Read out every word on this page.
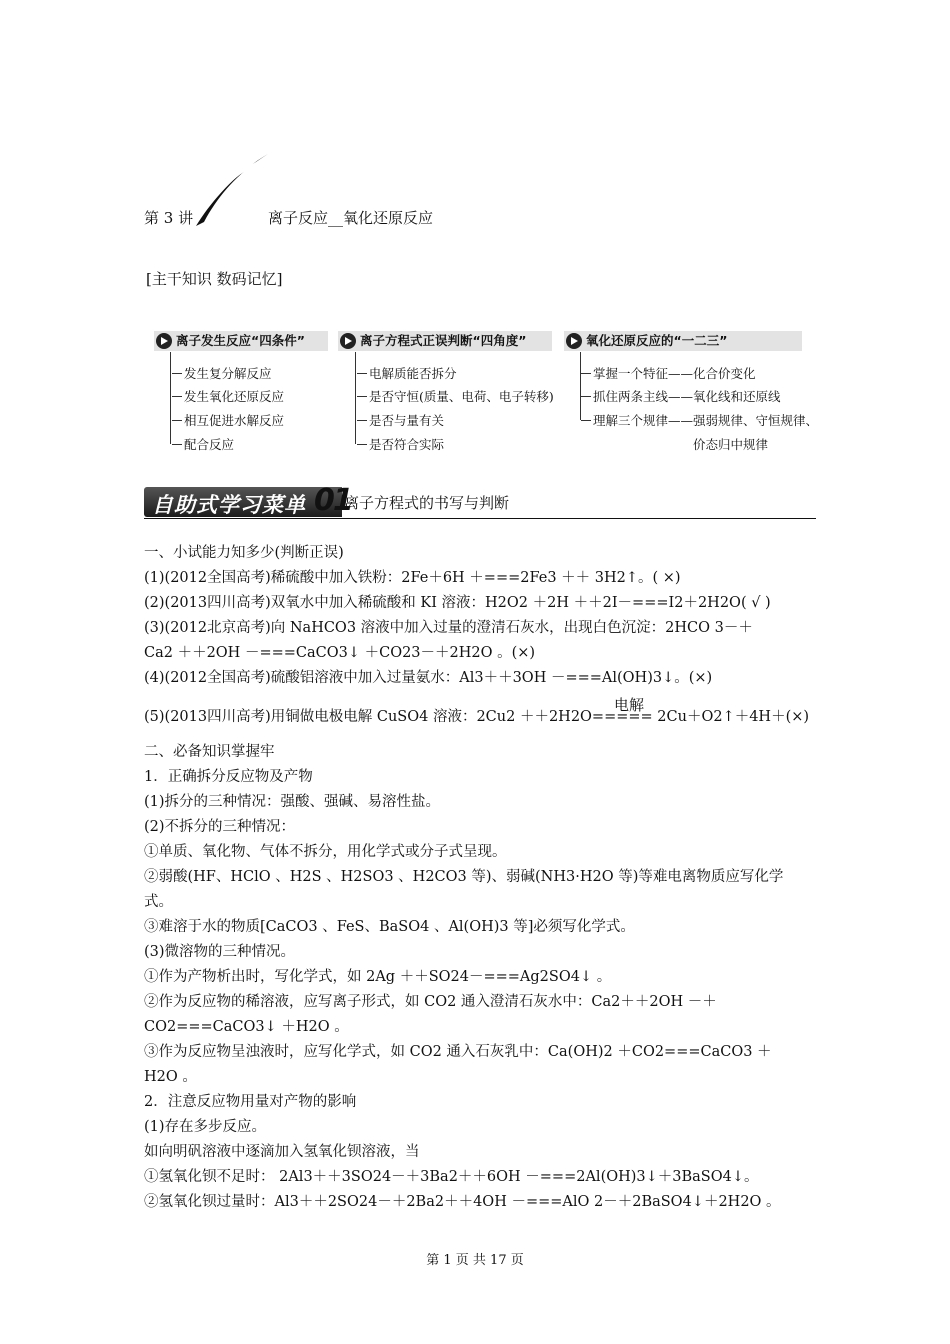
第 3 讲	离子反应__氧化还原反应
[主干知识 数码记忆]
离子发生反应“四条件”
发生复分解反应
发生氧化还原反应
相互促进水解反应
配合反应
离子方程式正误判断“四角度”
电解质能否拆分
是否守恒(质量、电荷、电子转移)
是否与量有关
是否符合实际
氧化还原反应的“一二三”
掌握一个特征——化合价变化
抓住两条主线——氧化线和还原线
理解三个规律——强弱规律、守恒规律、
价态归中规律
自助式学习菜单 01
离子方程式的书写与判断
一、小试能力知多少(判断正误)
(1)(2012全国高考)稀硫酸中加入铁粉：2Fe＋6H ＋===2Fe3 ＋＋ 3H2↑。( ×)
(2)(2013四川高考)双氧水中加入稀硫酸和 KI 溶液：H2O2 ＋2H ＋＋2I－===I2＋2H2O( √ )
(3)(2012北京高考)向 NaHCO3 溶液中加入过量的澄清石灰水，出现白色沉淀：2HCO 3－＋
Ca2 ＋＋2OH －===CaCO3↓ ＋CO23－＋2H2O 。(×)
(4)(2012全国高考)硫酸铝溶液中加入过量氨水：Al3＋＋3OH －===Al(OH)3↓。(×)
电解
(5)(2013四川高考)用铜做电极电解 CuSO4 溶液：2Cu2 ＋＋2H2O===== 2Cu＋O2↑＋4H＋(×)
二、必备知识掌握牢
1．正确拆分反应物及产物
(1)拆分的三种情况：强酸、强碱、易溶性盐。
(2)不拆分的三种情况：
①单质、氧化物、气体不拆分，用化学式或分子式呈现。
②弱酸(HF、HClO 、H2S 、H2SO3 、H2CO3 等)、弱碱(NH3·H2O 等)等难电离物质应写化学
式。
③难溶于水的物质[CaCO3 、FeS、BaSO4 、Al(OH)3 等]必须写化学式。
(3)微溶物的三种情况。
①作为产物析出时，写化学式，如 2Ag ＋＋SO24－===Ag2SO4↓ 。
②作为反应物的稀溶液，应写离子形式，如 CO2 通入澄清石灰水中：Ca2＋＋2OH －＋
CO2===CaCO3↓ ＋H2O 。
③作为反应物呈浊液时，应写化学式，如 CO2 通入石灰乳中：Ca(OH)2 ＋CO2===CaCO3 ＋
H2O 。
2．注意反应物用量对产物的影响
(1)存在多步反应。
如向明矾溶液中逐滴加入氢氧化钡溶液，当
①氢氧化钡不足时： 2Al3＋＋3SO24－＋3Ba2＋＋6OH －===2Al(OH)3↓＋3BaSO4↓。
②氢氧化钡过量时：Al3＋＋2SO24－＋2Ba2＋＋4OH －===AlO 2－＋2BaSO4↓＋2H2O 。
第 1 页 共 17 页
